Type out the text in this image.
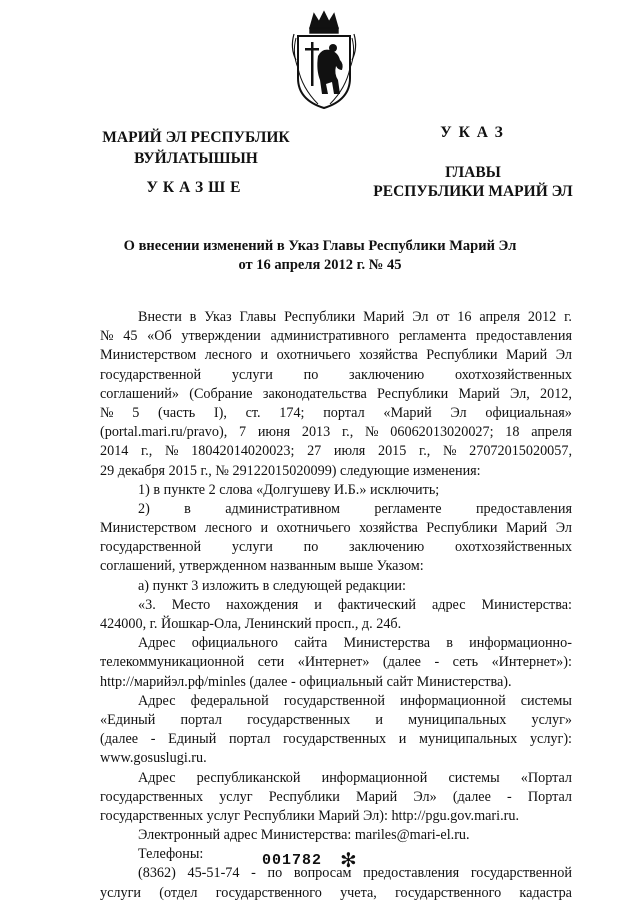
МАРИЙ ЭЛ РЕСПУБЛИК
ВУЙЛАТЫШЫН
УКАЗШЕ
УКАЗ
ГЛАВЫ
РЕСПУБЛИКИ МАРИЙ ЭЛ
О внесении изменений в Указ Главы Республики Марий Эл
от 16 апреля 2012 г. № 45
Внести в Указ Главы Республики Марий Эл от 16 апреля 2012 г.
№ 45 «Об утверждении административного регламента предоставления
Министерством лесного и охотничьего хозяйства Республики Марий Эл
государственной услуги по заключению охотхозяйственных
соглашений» (Собрание законодательства Республики Марий Эл, 2012,
№ 5 (часть I), ст. 174; портал «Марий Эл официальная»
(portal.mari.ru/pravo), 7 июня 2013 г., № 06062013020027; 18 апреля
2014 г., № 18042014020023; 27 июля 2015 г., № 27072015020057,
29 декабря 2015 г., № 29122015020099) следующие изменения:
1) в пункте 2 слова «Долгушеву И.Б.» исключить;
2) в административном регламенте предоставления
Министерством лесного и охотничьего хозяйства Республики Марий Эл
государственной услуги по заключению охотхозяйственных
соглашений, утвержденном названным выше Указом:
а) пункт 3 изложить в следующей редакции:
«3. Место нахождения и фактический адрес Министерства:
424000, г. Йошкар-Ола, Ленинский просп., д. 24б.
Адрес официального сайта Министерства в информационно-
телекоммуникационной сети «Интернет» (далее - сеть «Интернет»):
http://марийэл.рф/minles (далее - официальный сайт Министерства).
Адрес федеральной государственной информационной системы
«Единый портал государственных и муниципальных услуг»
(далее - Единый портал государственных и муниципальных услуг):
www.gosuslugi.ru.
Адрес республиканской информационной системы «Портал
государственных услуг Республики Марий Эл» (далее - Портал
государственных услуг Республики Марий Эл): http://pgu.gov.mari.ru.
Электронный адрес Министерства: mariles@mari-el.ru.
Телефоны:
(8362) 45-51-74 - по вопросам предоставления государственной
услуги (отдел государственного учета, государственного кадастра
001782 ✻
